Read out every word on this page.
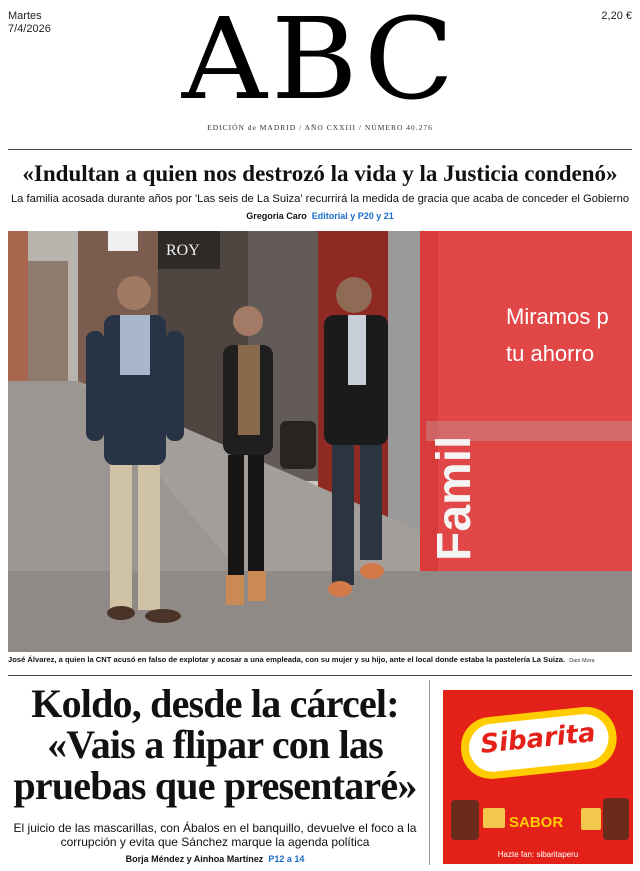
Martes
7/4/2026
2,20 €
ABC
EDICIÓN de MADRID / AÑO CXXIII / NÚMERO 40.276
«Indultan a quien nos destrozó la vida y la Justicia condenó»
La familia acosada durante años por 'Las seis de La Suiza' recurrirá la medida de gracia que acaba de conceder el Gobierno
Gregoria Caro Editorial y P20 y 21
Miramos p
tu ahorro
Famil
ROY
José Álvarez, a quien la CNT acusó en falso de explotar y acosar a una empleada, con su mujer y su hijo, ante el local donde estaba la pastelería La Suiza. Dani Mora
Koldo, desde la cárcel:
«Vais a flipar con las
pruebas que presentaré»
El juicio de las mascarillas, con Ábalos en el banquillo, devuelve el foco a la corrupción y evita que Sánchez marque la agenda política
Borja Méndez y Ainhoa Martínez P12 a 14
Sibarita
SABOR
Hazte fan: sibaritaperu
